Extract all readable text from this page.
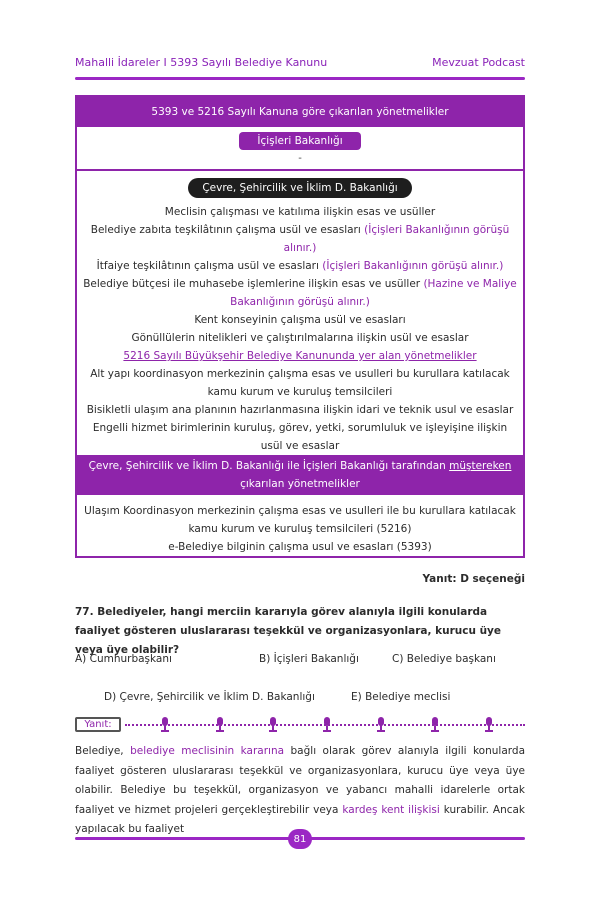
Mahalli İdareler I 5393 Sayılı Belediye Kanunu	Mevzuat Podcast
5393 ve 5216 Sayılı Kanuna göre çıkarılan yönetmelikler
İçişleri Bakanlığı
-
Çevre, Şehircilik ve İklim D. Bakanlığı
Meclisin çalışması ve katılıma ilişkin esas ve usüller
Belediye zabıta teşkilâtının çalışma usül ve esasları (İçişleri Bakanlığının görüşü alınır.)
İtfaiye teşkilâtının çalışma usül ve esasları (İçişleri Bakanlığının görüşü alınır.)
Belediye bütçesi ile muhasebe işlemlerine ilişkin esas ve usüller (Hazine ve Maliye Bakanlığının görüşü alınır.)
Kent konseyinin çalışma usül ve esasları
Gönüllülerin nitelikleri ve çalıştırılmalarına ilişkin usül ve esaslar
5216 Sayılı Büyükşehir Belediye Kanununda yer alan yönetmelikler
Alt yapı koordinasyon merkezinin çalışma esas ve usulleri bu kurullara katılacak kamu kurum ve kuruluş temsilcileri
Bisikletli ulaşım ana planının hazırlanmasına ilişkin idari ve teknik usul ve esaslar
Engelli hizmet birimlerinin kuruluş, görev, yetki, sorumluluk ve işleyişine ilişkin usül ve esaslar
Çevre, Şehircilik ve İklim D. Bakanlığı ile İçişleri Bakanlığı tarafından müştereken
çıkarılan yönetmelikler
Ulaşım Koordinasyon merkezinin çalışma esas ve usulleri ile bu kurullara katılacak kamu kurum ve kuruluş temsilcileri (5216)
e-Belediye bilginin çalışma usul ve esasları (5393)
Yanıt: D seçeneği
77. Belediyeler, hangi merciin kararıyla görev alanıyla ilgili konularda faaliyet gösteren uluslararası teşekkül ve organizasyonlara, kurucu üye veya üye olabilir?
A) Cumhurbaşkanı	B) İçişleri Bakanlığı	C) Belediye başkanı
D) Çevre, Şehircilik ve İklim D. Bakanlığı	E) Belediye meclisi
Yanıt:
Belediye, belediye meclisinin kararına bağlı olarak görev alanıyla ilgili konularda faaliyet gösteren uluslararası teşekkül ve organizasyonlara, kurucu üye veya üye olabilir. Belediye bu teşekkül, organizasyon ve yabancı mahalli idarelerle ortak faaliyet ve hizmet projeleri gerçekleştirebilir veya kardeş kent ilişkisi kurabilir. Ancak yapılacak bu faaliyet
81
